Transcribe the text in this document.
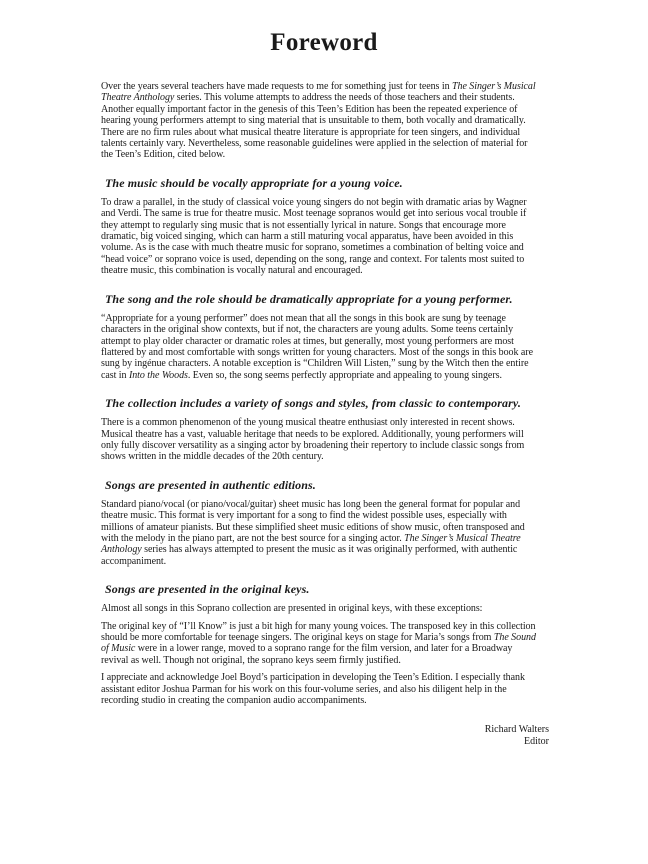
Foreword

Over the years several teachers have made requests to me for something just for teens in The Singer’s Musical Theatre Anthology series. This volume attempts to address the needs of those teachers and their students. Another equally important factor in the genesis of this Teen’s Edition has been the repeated experience of hearing young performers attempt to sing material that is unsuitable to them, both vocally and dramatically. There are no firm rules about what musical theatre literature is appropriate for teen singers, and individual talents certainly vary. Nevertheless, some reasonable guidelines were applied in the selection of material for the Teen’s Edition, cited below.

The music should be vocally appropriate for a young voice.

To draw a parallel, in the study of classical voice young singers do not begin with dramatic arias by Wagner and Verdi. The same is true for theatre music. Most teenage sopranos would get into serious vocal trouble if they attempt to regularly sing music that is not essentially lyrical in nature. Songs that encourage more dramatic, big voiced singing, which can harm a still maturing vocal apparatus, have been avoided in this volume. As is the case with much theatre music for soprano, sometimes a combination of belting voice and “head voice” or soprano voice is used, depending on the song, range and context. For talents most suited to theatre music, this combination is vocally natural and encouraged.

The song and the role should be dramatically appropriate for a young performer.

“Appropriate for a young performer” does not mean that all the songs in this book are sung by teenage characters in the original show contexts, but if not, the characters are young adults. Some teens certainly attempt to play older character or dramatic roles at times, but generally, most young performers are most flattered by and most comfortable with songs written for young characters. Most of the songs in this book are sung by ingénue characters. A notable exception is “Children Will Listen,” sung by the Witch then the entire cast in Into the Woods. Even so, the song seems perfectly appropriate and appealing to young singers.

The collection includes a variety of songs and styles, from classic to contemporary.

There is a common phenomenon of the young musical theatre enthusiast only interested in recent shows. Musical theatre has a vast, valuable heritage that needs to be explored. Additionally, young performers will only fully discover versatility as a singing actor by broadening their repertory to include classic songs from shows written in the middle decades of the 20th century.

Songs are presented in authentic editions.

Standard piano/vocal (or piano/vocal/guitar) sheet music has long been the general format for popular and theatre music. This format is very important for a song to find the widest possible uses, especially with millions of amateur pianists. But these simplified sheet music editions of show music, often transposed and with the melody in the piano part, are not the best source for a singing actor. The Singer’s Musical Theatre Anthology series has always attempted to present the music as it was originally performed, with authentic accompaniment.

Songs are presented in the original keys.

Almost all songs in this Soprano collection are presented in original keys, with these exceptions:

The original key of “I’ll Know” is just a bit high for many young voices. The transposed key in this collection should be more comfortable for teenage singers. The original keys on stage for Maria’s songs from The Sound of Music were in a lower range, moved to a soprano range for the film version, and later for a Broadway revival as well. Though not original, the soprano keys seem firmly justified.

I appreciate and acknowledge Joel Boyd’s participation in developing the Teen’s Edition. I especially thank assistant editor Joshua Parman for his work on this four-volume series, and also his diligent help in the recording studio in creating the companion audio accompaniments.

Richard Walters
Editor
